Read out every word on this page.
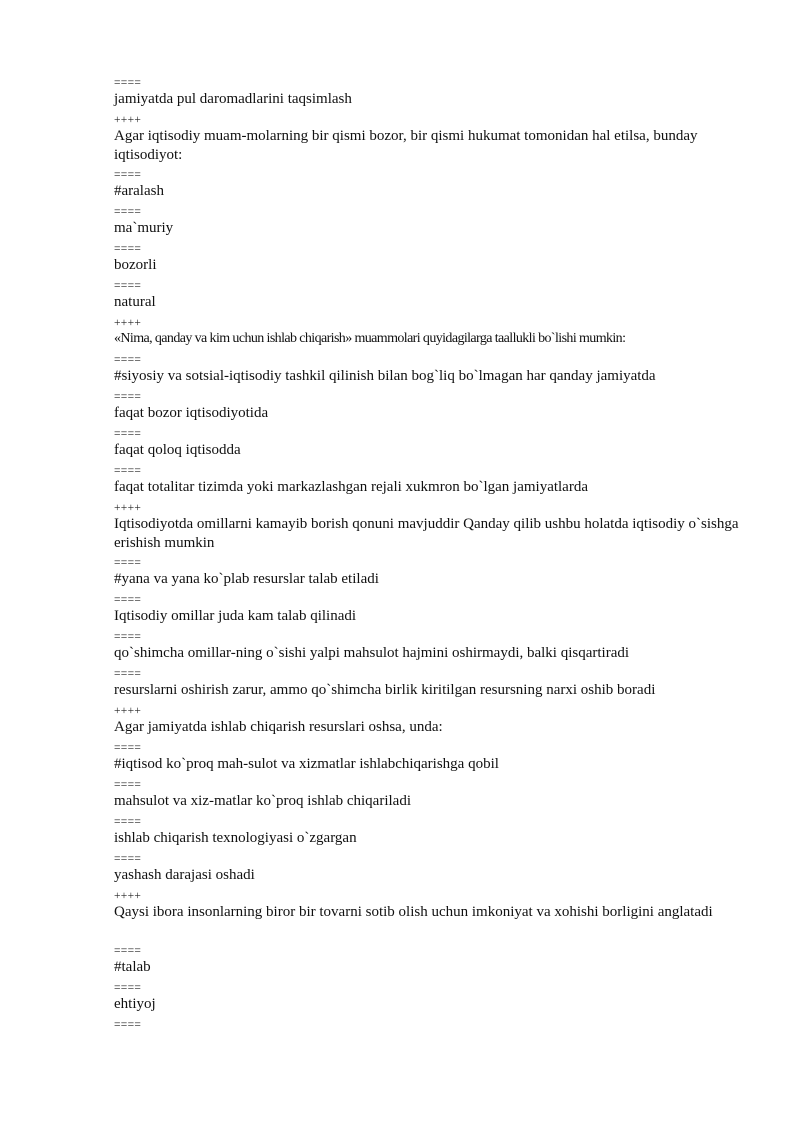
====
jamiyatda pul daromadlarini taqsimlash
++++
Agar iqtisodiy muam-molarning bir qismi bozor, bir qismi hukumat tomonidan hal etilsa, bunday iqtisodiyot:
====
#aralash
====
ma`muriy
====
bozorli
====
natural
++++
«Nima, qanday va kim uchun ishlab chiqarish» muammolari quyidagilarga taallukli bo`lishi mumkin:
====
#siyosiy va sotsial-iqtisodiy tashkil qilinish bilan bog`liq bo`lmagan har qanday jamiyatda
====
faqat bozor iqtisodiyotida
====
faqat qoloq iqtisodda
====
faqat totalitar tizimda yoki markazlashgan rejali xukmron bo`lgan jamiyatlarda
++++
Iqtisodiyotda omillarni kamayib borish qonuni mavjuddir Qanday qilib ushbu holatda iqtisodiy o`sishga erishish mumkin
====
#yana va yana ko`plab resurslar talab etiladi
====
Iqtisodiy omillar juda kam talab qilinadi
====
qo`shimcha omillar-ning o`sishi yalpi mahsulot hajmini oshirmaydi, balki qisqartiradi
====
resurslarni oshirish zarur, ammo qo`shimcha birlik kiritilgan resursning narxi oshib boradi
++++
Agar jamiyatda ishlab chiqarish resurslari oshsa, unda:
====
#iqtisod ko`proq mah-sulot va xizmatlar ishlabchiqarishga qobil
====
mahsulot va xiz-matlar ko`proq ishlab chiqariladi
====
ishlab chiqarish texnologiyasi o`zgargan
====
yashash darajasi oshadi
++++
Qaysi ibora insonlarning biror bir tovarni sotib olish uchun imkoniyat va xohishi borligini anglatadi
====
#talab
====
ehtiyoj
====
